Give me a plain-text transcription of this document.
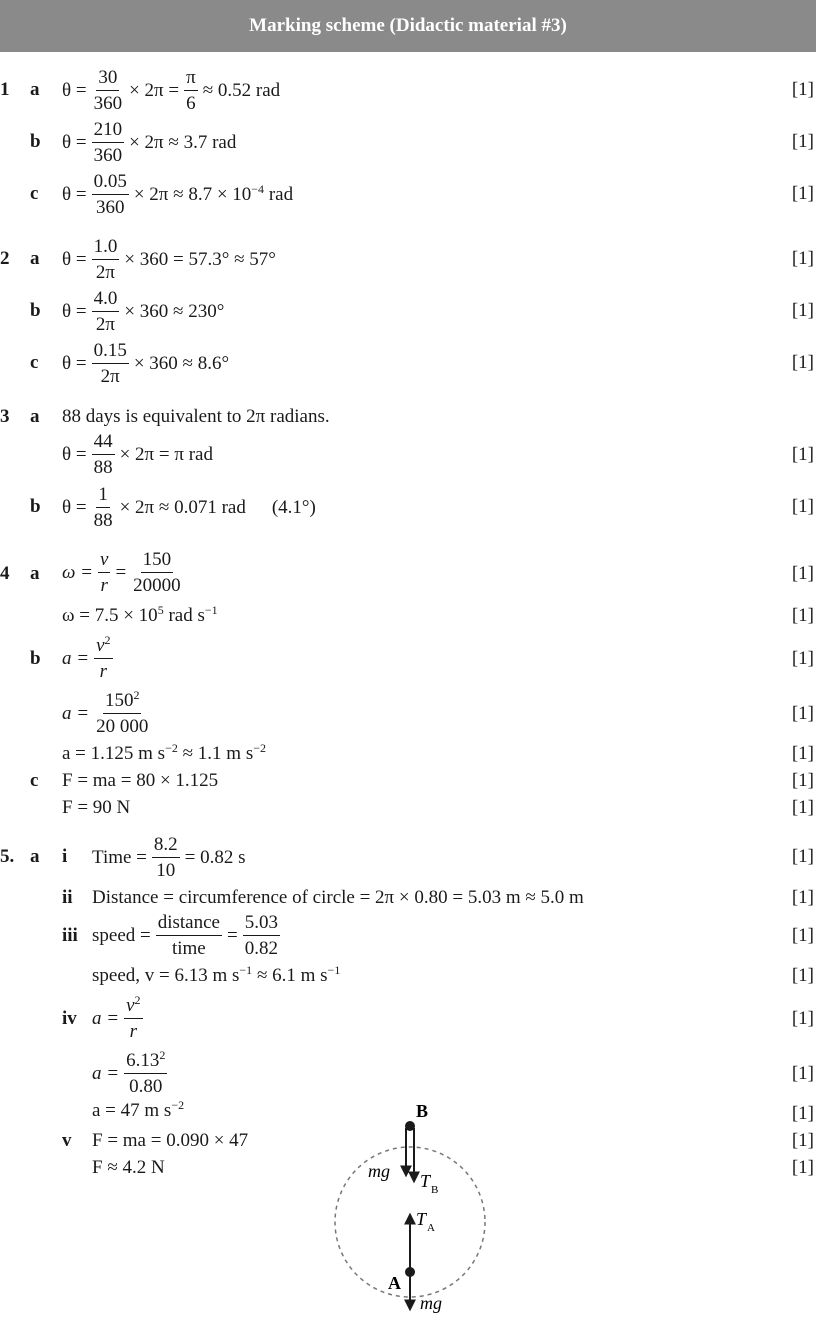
Marking scheme (Didactic material #3)
1 a $\theta = \frac{30}{360} \times 2\pi = \frac{\pi}{6} \approx 0.52$ rad	[1]
b $\theta = \frac{210}{360} \times 2\pi \approx 3.7$ rad	[1]
c $\theta = \frac{0.05}{360} \times 2\pi \approx 8.7 \times 10^{-4}$ rad	[1]
2 a $\theta = \frac{1.0}{2\pi} \times 360 = 57.3^\circ \approx 57^\circ$	[1]
b $\theta = \frac{4.0}{2\pi} \times 360 \approx 230^\circ$	[1]
c $\theta = \frac{0.15}{2\pi} \times 360 \approx 8.6^\circ$	[1]
3 a 88 days is equivalent to 2π radians.
$\theta = \frac{44}{88} \times 2\pi = \pi$ rad	[1]
b $\theta = \frac{1}{88} \times 2\pi \approx 0.071$ rad (4.1°)	[1]
4 a $\omega = \frac{v}{r} = \frac{150}{20000}$	[1]
$\omega = 7.5 \times 10^5$ rad $s^{-1}$	[1]
b $a = \frac{v^2}{r}$	[1]
$a = \frac{150^2}{20 000}$	[1]
a = 1.125 m $s^{-2} \approx 1.1$ m $s^{-2}$	[1]
c F = ma = 80 × 1.125	[1]
F = 90 N	[1]
5. a i Time = $\frac{8.2}{10} = 0.82$ s	[1]
ii Distance = circumference of circle = 2π × 0.80 = 5.03 m ≈ 5.0 m	[1]
iii speed =
distance
time
= $\frac{5.03}{0.82}$	[1]
speed, v = 6.13 m $s^{-1} \approx 6.1$ m $s^{-1}$	[1]
iv $a = \frac{v^2}{r}$	[1]
$a = \frac{6.13^2}{0.80}$	[1]
a = 47 m $s^{-2}$	[1]
v F = ma = 0.090 × 47	[1]
F ≈ 4.2 N	[1]
B
mg T B
A
T A
mg
